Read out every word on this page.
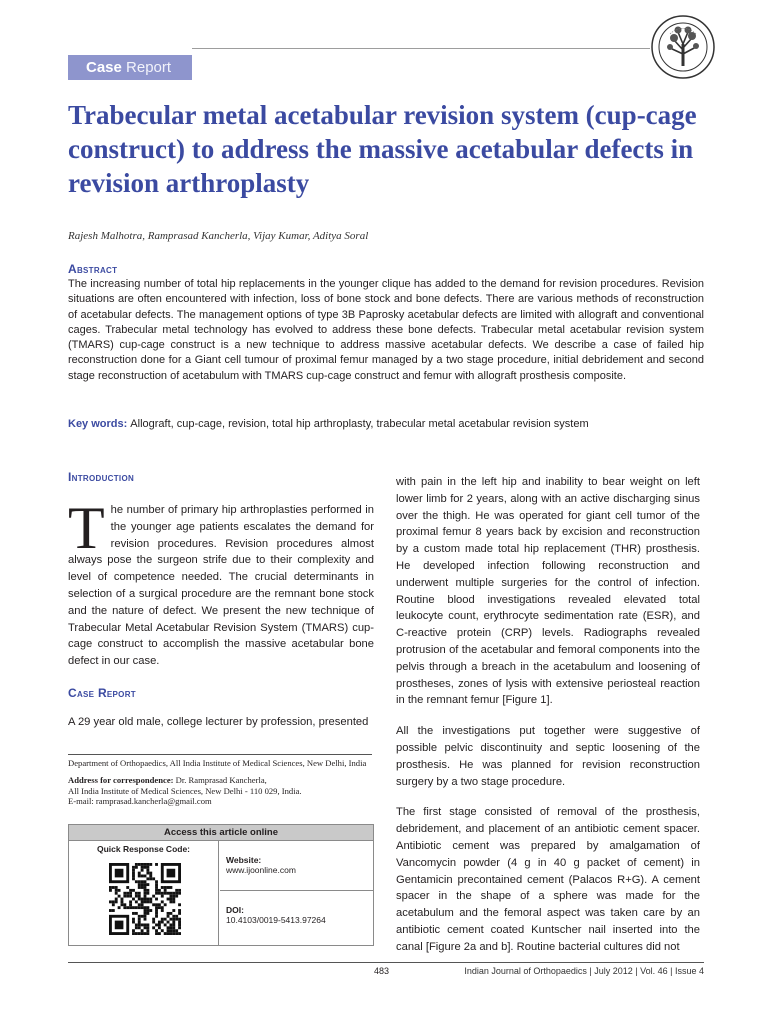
Case Report
Trabecular metal acetabular revision system (cup-cage construct) to address the massive acetabular defects in revision arthroplasty
Rajesh Malhotra, Ramprasad Kancherla, Vijay Kumar, Aditya Soral
Abstract

The increasing number of total hip replacements in the younger clique has added to the demand for revision procedures. Revision situations are often encountered with infection, loss of bone stock and bone defects. There are various methods of reconstruction of acetabular defects. The management options of type 3B Paprosky acetabular defects are limited with allograft and conventional cages. Trabecular metal technology has evolved to address these bone defects. Trabecular metal acetabular revision system (TMARS) cup-cage construct is a new technique to address massive acetabular defects. We describe a case of failed hip reconstruction done for a Giant cell tumour of proximal femur managed by a two stage procedure, initial debridement and second stage reconstruction of acetabulum with TMARS cup-cage construct and femur with allograft prosthesis composite.

Key words: Allograft, cup-cage, revision, total hip arthroplasty, trabecular metal acetabular revision system
Introduction
T he number of primary hip arthroplasties performed in the younger age patients escalates the demand for revision procedures. Revision procedures almost always pose the surgeon strife due to their complexity and level of competence needed. The crucial determinants in selection of a surgical procedure are the remnant bone stock and the nature of defect. We present the new technique of Trabecular Metal Acetabular Revision System (TMARS) cup-cage construct to accomplish the massive acetabular bone defect in our case.

Case Report

A 29 year old male, college lecturer by profession, presented

with pain in the left hip and inability to bear weight on left lower limb for 2 years, along with an active discharging sinus over the thigh. He was operated for giant cell tumor of the proximal femur 8 years back by excision and reconstruction by a custom made total hip replacement (THR) prosthesis. He developed infection following reconstruction and underwent multiple surgeries for the control of infection. Routine blood investigations revealed elevated total leukocyte count, erythrocyte sedimentation rate (ESR), and C-reactive protein (CRP) levels. Radiographs revealed protrusion of the acetabular and femoral components into the pelvis through a breach in the acetabulum and loosening of prostheses, zones of lysis with extensive periosteal reaction in the remnant femur [Figure 1].

All the investigations put together were suggestive of possible pelvic discontinuity and septic loosening of the prosthesis. He was planned for revision reconstruction surgery by a two stage procedure.

The first stage consisted of removal of the prosthesis, debridement, and placement of an antibiotic cement spacer. Antibiotic cement was prepared by amalgamation of Vancomycin powder (4 g in 40 g packet of cement) in Gentamicin precontained cement (Palacos R+G). A cement spacer in the shape of a sphere was made for the acetabulum and the femoral aspect was taken care by an antibiotic cement coated Kuntscher nail inserted into the canal [Figure 2a and b]. Routine bacterial cultures did not

Department of Orthopaedics, All India Institute of Medical Sciences, New Delhi, India
Address for correspondence: Dr. Ramprasad Kancherla,
All India Institute of Medical Sciences, New Delhi - 110 029, India.
E-mail: ramprasad.kancherla@gmail.com
Access this article online
Quick Response Code:
Website:
www.ijoonline.com
DOI:
10.4103/0019-5413.97264
483	Indian Journal of Orthopaedics | July 2012 | Vol. 46 | Issue 4
